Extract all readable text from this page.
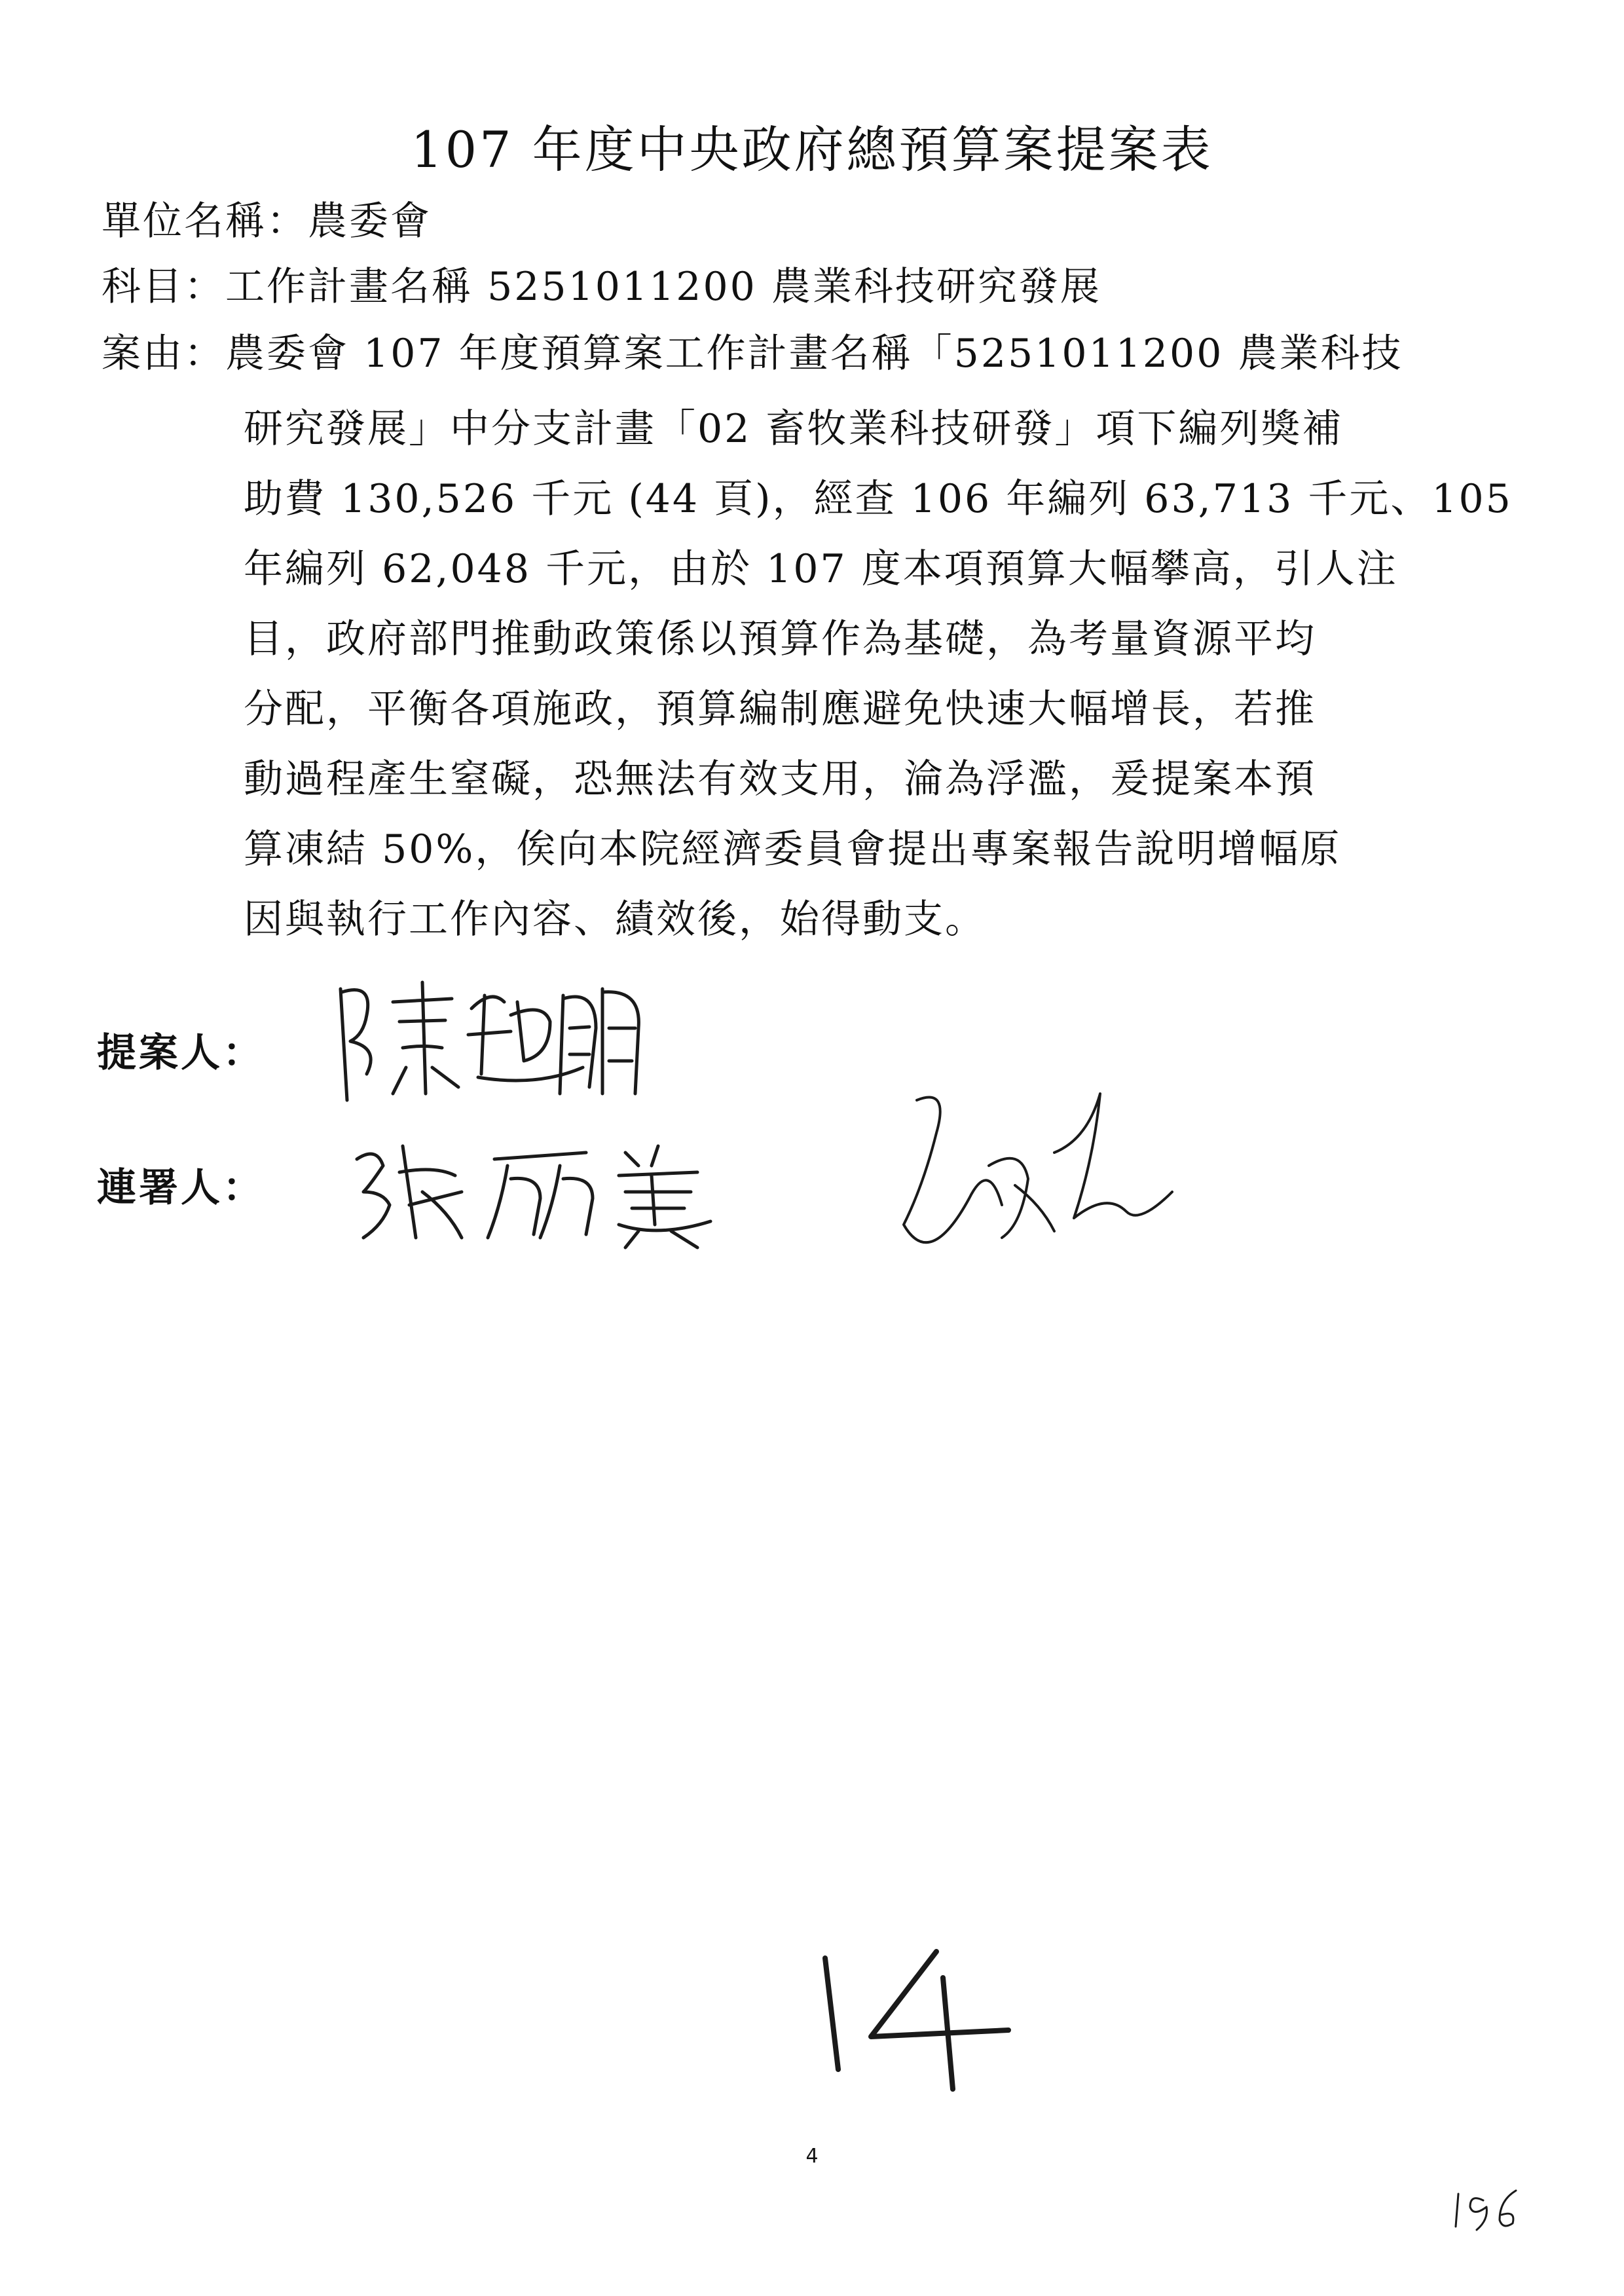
107 年度中央政府總預算案提案表
單位名稱：農委會
科目：工作計畫名稱 5251011200 農業科技研究發展
案由：農委會 107 年度預算案工作計畫名稱「5251011200 農業科技
研究發展」中分支計畫「02 畜牧業科技研發」項下編列獎補
助費 130,526 千元 (44 頁)，經查 106 年編列 63,713 千元、105
年編列 62,048 千元，由於 107 度本項預算大幅攀高，引人注
目，政府部門推動政策係以預算作為基礎，為考量資源平均
分配，平衡各項施政，預算編制應避免快速大幅增長，若推
動過程產生窒礙，恐無法有效支用，淪為浮濫，爰提案本預
算凍結 50%，俟向本院經濟委員會提出專案報告說明增幅原
因與執行工作內容、績效後，始得動支。
提案人：
連署人：
4
